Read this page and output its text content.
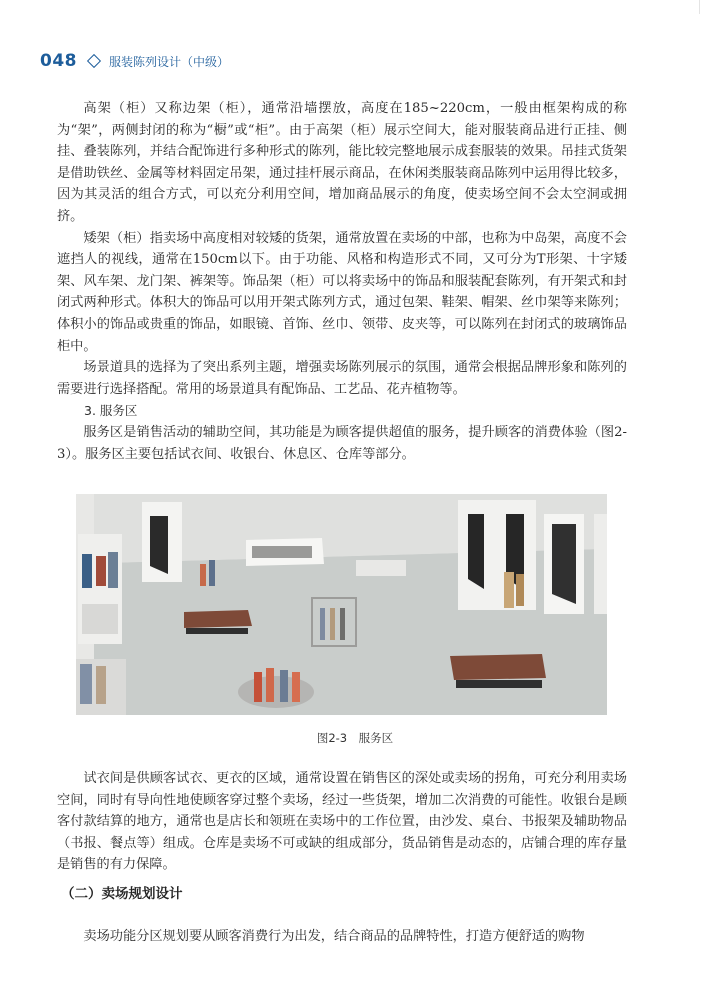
048	服装陈列设计（中级）

高架（柜）又称边架（柜），通常沿墙摆放，高度在185~220cm，一般由框架构成的称为“架”，两侧封闭的称为“橱”或“柜”。由于高架（柜）展示空间大，能对服装商品进行正挂、侧挂、叠装陈列，并结合配饰进行多种形式的陈列，能比较完整地展示成套服装的效果。吊挂式货架是借助铁丝、金属等材料固定吊架，通过挂杆展示商品，在休闲类服装商品陈列中运用得比较多，因为其灵活的组合方式，可以充分利用空间，增加商品展示的角度，使卖场空间不会太空洞或拥挤。

矮架（柜）指卖场中高度相对较矮的货架，通常放置在卖场的中部，也称为中岛架，高度不会遮挡人的视线，通常在150cm以下。由于功能、风格和构造形式不同，又可分为T形架、十字矮架、风车架、龙门架、裤架等。饰品架（柜）可以将卖场中的饰品和服装配套陈列，有开架式和封闭式两种形式。体积大的饰品可以用开架式陈列方式，通过包架、鞋架、帽架、丝巾架等来陈列；体积小的饰品或贵重的饰品，如眼镜、首饰、丝巾、领带、皮夹等，可以陈列在封闭式的玻璃饰品柜中。

场景道具的选择为了突出系列主题，增强卖场陈列展示的氛围，通常会根据品牌形象和陈列的需要进行选择搭配。常用的场景道具有配饰品、工艺品、花卉植物等。

3. 服务区

服务区是销售活动的辅助空间，其功能是为顾客提供超值的服务，提升顾客的消费体验（图2-3）。服务区主要包括试衣间、收银台、休息区、仓库等部分。

图2-3　服务区

试衣间是供顾客试衣、更衣的区域，通常设置在销售区的深处或卖场的拐角，可充分利用卖场空间，同时有导向性地使顾客穿过整个卖场，经过一些货架，增加二次消费的可能性。收银台是顾客付款结算的地方，通常也是店长和领班在卖场中的工作位置，由沙发、桌台、书报架及辅助物品（书报、餐点等）组成。仓库是卖场不可或缺的组成部分，货品销售是动态的，店铺合理的库存量是销售的有力保障。

（二）卖场规划设计

卖场功能分区规划要从顾客消费行为出发，结合商品的品牌特性，打造方便舒适的购物
